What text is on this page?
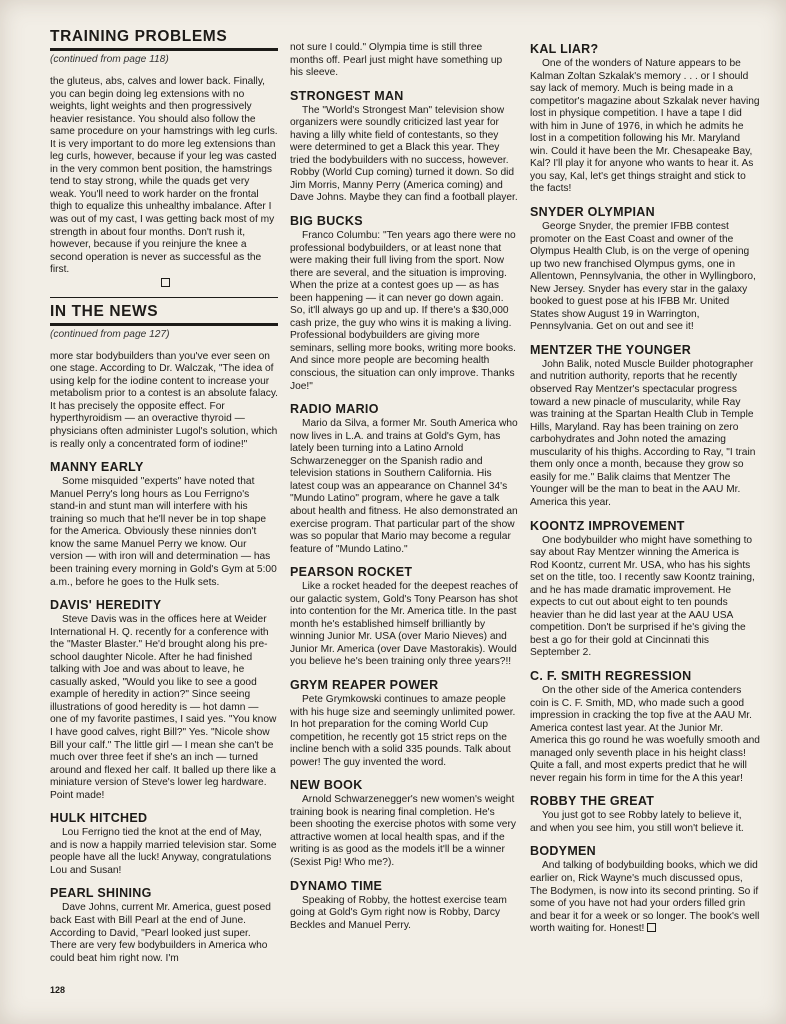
TRAINING PROBLEMS
(continued from page 118)

the gluteus, abs, calves and lower back. Finally, you can begin doing leg extensions with no weights, light weights and then progressively heavier resistance. You should also follow the same procedure on your hamstrings with leg curls. It is very important to do more leg extensions than leg curls, however, because if your leg was casted in the very common bent position, the hamstrings tend to stay strong, while the quads get very weak. You'll need to work harder on the frontal thigh to equalize this unhealthy imbalance. After I was out of my cast, I was getting back most of my strength in about four months. Don't rush it, however, because if you reinjure the knee a second operation is never as successful as the first.

IN THE NEWS
(continued from page 127)

more star bodybuilders than you've ever seen on one stage. According to Dr. Walczak, "The idea of using kelp for the iodine content to increase your metabolism prior to a contest is an absolute falacy. It has precisely the opposite effect. For hyperthyroidism — an overactive thyroid — physicians often administer Lugol's solution, which is really only a concentrated form of iodine!"

MANNY EARLY

Some misquided "experts" have noted that Manuel Perry's long hours as Lou Ferrigno's stand-in and stunt man will interfere with his training so much that he'll never be in top shape for the America. Obviously these ninnies don't know the same Manuel Perry we know. Our version — with iron will and determination — has been training every morning in Gold's Gym at 5:00 a.m., before he goes to the Hulk sets.

DAVIS' HEREDITY

Steve Davis was in the offices here at Weider International H. Q. recently for a conference with the "Master Blaster." He'd brought along his pre-school daughter Nicole. After he had finished talking with Joe and was about to leave, he casually asked, "Would you like to see a good example of heredity in action?" Since seeing illustrations of good heredity is — hot damn — one of my favorite pastimes, I said yes. "You know I have good calves, right Bill?" Yes. "Nicole show Bill your calf." The little girl — I mean she can't be much over three feet if she's an inch — turned around and flexed her calf. It balled up there like a miniature version of Steve's lower leg hardware. Point made!

HULK HITCHED

Lou Ferrigno tied the knot at the end of May, and is now a happily married television star. Some people have all the luck! Anyway, congratulations Lou and Susan!

PEARL SHINING

Dave Johns, current Mr. America, guest posed back East with Bill Pearl at the end of June. According to David, "Pearl looked just super. There are very few bodybuilders in America who could beat him right now. I'm

not sure I could." Olympia time is still three months off. Pearl just might have something up his sleeve.

STRONGEST MAN

The "World's Strongest Man" television show organizers were soundly criticized last year for having a lilly white field of contestants, so they were determined to get a Black this year. They tried the bodybuilders with no success, however. Robby (World Cup coming) turned it down. So did Jim Morris, Manny Perry (America coming) and Dave Johns. Maybe they can find a football player.

BIG BUCKS

Franco Columbu: "Ten years ago there were no professional bodybuilders, or at least none that were making their full living from the sport. Now there are several, and the situation is improving. When the prize at a contest goes up — as has been happening — it can never go down again. So, it'll always go up and up. If there's a $30,000 cash prize, the guy who wins it is making a living. Professional bodybuilders are giving more seminars, selling more books, writing more books. And since more people are becoming health conscious, the situation can only improve. Thanks Joe!"

RADIO MARIO

Mario da Silva, a former Mr. South America who now lives in L.A. and trains at Gold's Gym, has lately been turning into a Latino Arnold Schwarzenegger on the Spanish radio and television stations in Southern California. His latest coup was an appearance on Channel 34's "Mundo Latino" program, where he gave a talk about health and fitness. He also demonstrated an exercise program. That particular part of the show was so popular that Mario may become a regular feature of "Mundo Latino."

PEARSON ROCKET

Like a rocket headed for the deepest reaches of our galactic system, Gold's Tony Pearson has shot into contention for the Mr. America title. In the past month he's established himself brilliantly by winning Junior Mr. USA (over Mario Nieves) and Junior Mr. America (over Dave Mastorakis). Would you believe he's been training only three years?!!

GRYM REAPER POWER

Pete Grymkowski continues to amaze people with his huge size and seemingly unlimited power. In hot preparation for the coming World Cup competition, he recently got 15 strict reps on the incline bench with a solid 335 pounds. Talk about power! The guy invented the word.

NEW BOOK

Arnold Schwarzenegger's new women's weight training book is nearing final completion. He's been shooting the exercise photos with some very attractive women at local health spas, and if the writing is as good as the models it'll be a winner (Sexist Pig! Who me?).

DYNAMO TIME

Speaking of Robby, the hottest exercise team going at Gold's Gym right now is Robby, Darcy Beckles and Manuel Perry.

KAL LIAR?

One of the wonders of Nature appears to be Kalman Zoltan Szkalak's memory . . . or I should say lack of memory. Much is being made in a competitor's magazine about Szkalak never having lost in physique competition. I have a tape I did with him in June of 1976, in which he admits he lost in a competition following his Mr. Maryland win. Could it have been the Mr. Chesapeake Bay, Kal? I'll play it for anyone who wants to hear it. As you say, Kal, let's get things straight and stick to the facts!

SNYDER OLYMPIAN

George Snyder, the premier IFBB contest promoter on the East Coast and owner of the Olympus Health Club, is on the verge of opening up two new franchised Olympus gyms, one in Allentown, Pennsylvania, the other in Wyllingboro, New Jersey. Snyder has every star in the galaxy booked to guest pose at his IFBB Mr. United States show August 19 in Warrington, Pennsylvania. Get on out and see it!

MENTZER THE YOUNGER

John Balik, noted Muscle Builder photographer and nutrition authority, reports that he recently observed Ray Mentzer's spectacular progress toward a new pinacle of muscularity, while Ray was training at the Spartan Health Club in Temple Hills, Maryland. Ray has been training on zero carbohydrates and John noted the amazing muscularity of his thighs. According to Ray, "I train them only once a month, because they grow so easily for me." Balik claims that Mentzer The Younger will be the man to beat in the AAU Mr. America this year.

KOONTZ IMPROVEMENT

One bodybuilder who might have something to say about Ray Mentzer winning the America is Rod Koontz, current Mr. USA, who has his sights set on the title, too. I recently saw Koontz training, and he has made dramatic improvement. He expects to cut out about eight to ten pounds heavier than he did last year at the AAU USA competition. Don't be surprised if he's giving the best a go for their gold at Cincinnati this September 2.

C. F. SMITH REGRESSION

On the other side of the America contenders coin is C. F. Smith, MD, who made such a good impression in cracking the top five at the AAU Mr. America contest last year. At the Junior Mr. America this go round he was woefully smooth and managed only seventh place in his height class! Quite a fall, and most experts predict that he will never regain his form in time for the A this year!

ROBBY THE GREAT

You just got to see Robby lately to believe it, and when you see him, you still won't believe it.

BODYMEN

And talking of bodybuilding books, which we did earlier on, Rick Wayne's much discussed opus, The Bodymen, is now into its second printing. So if some of you have not had your orders filled grin and bear it for a week or so longer. The book's well worth waiting for. Honest!

128
